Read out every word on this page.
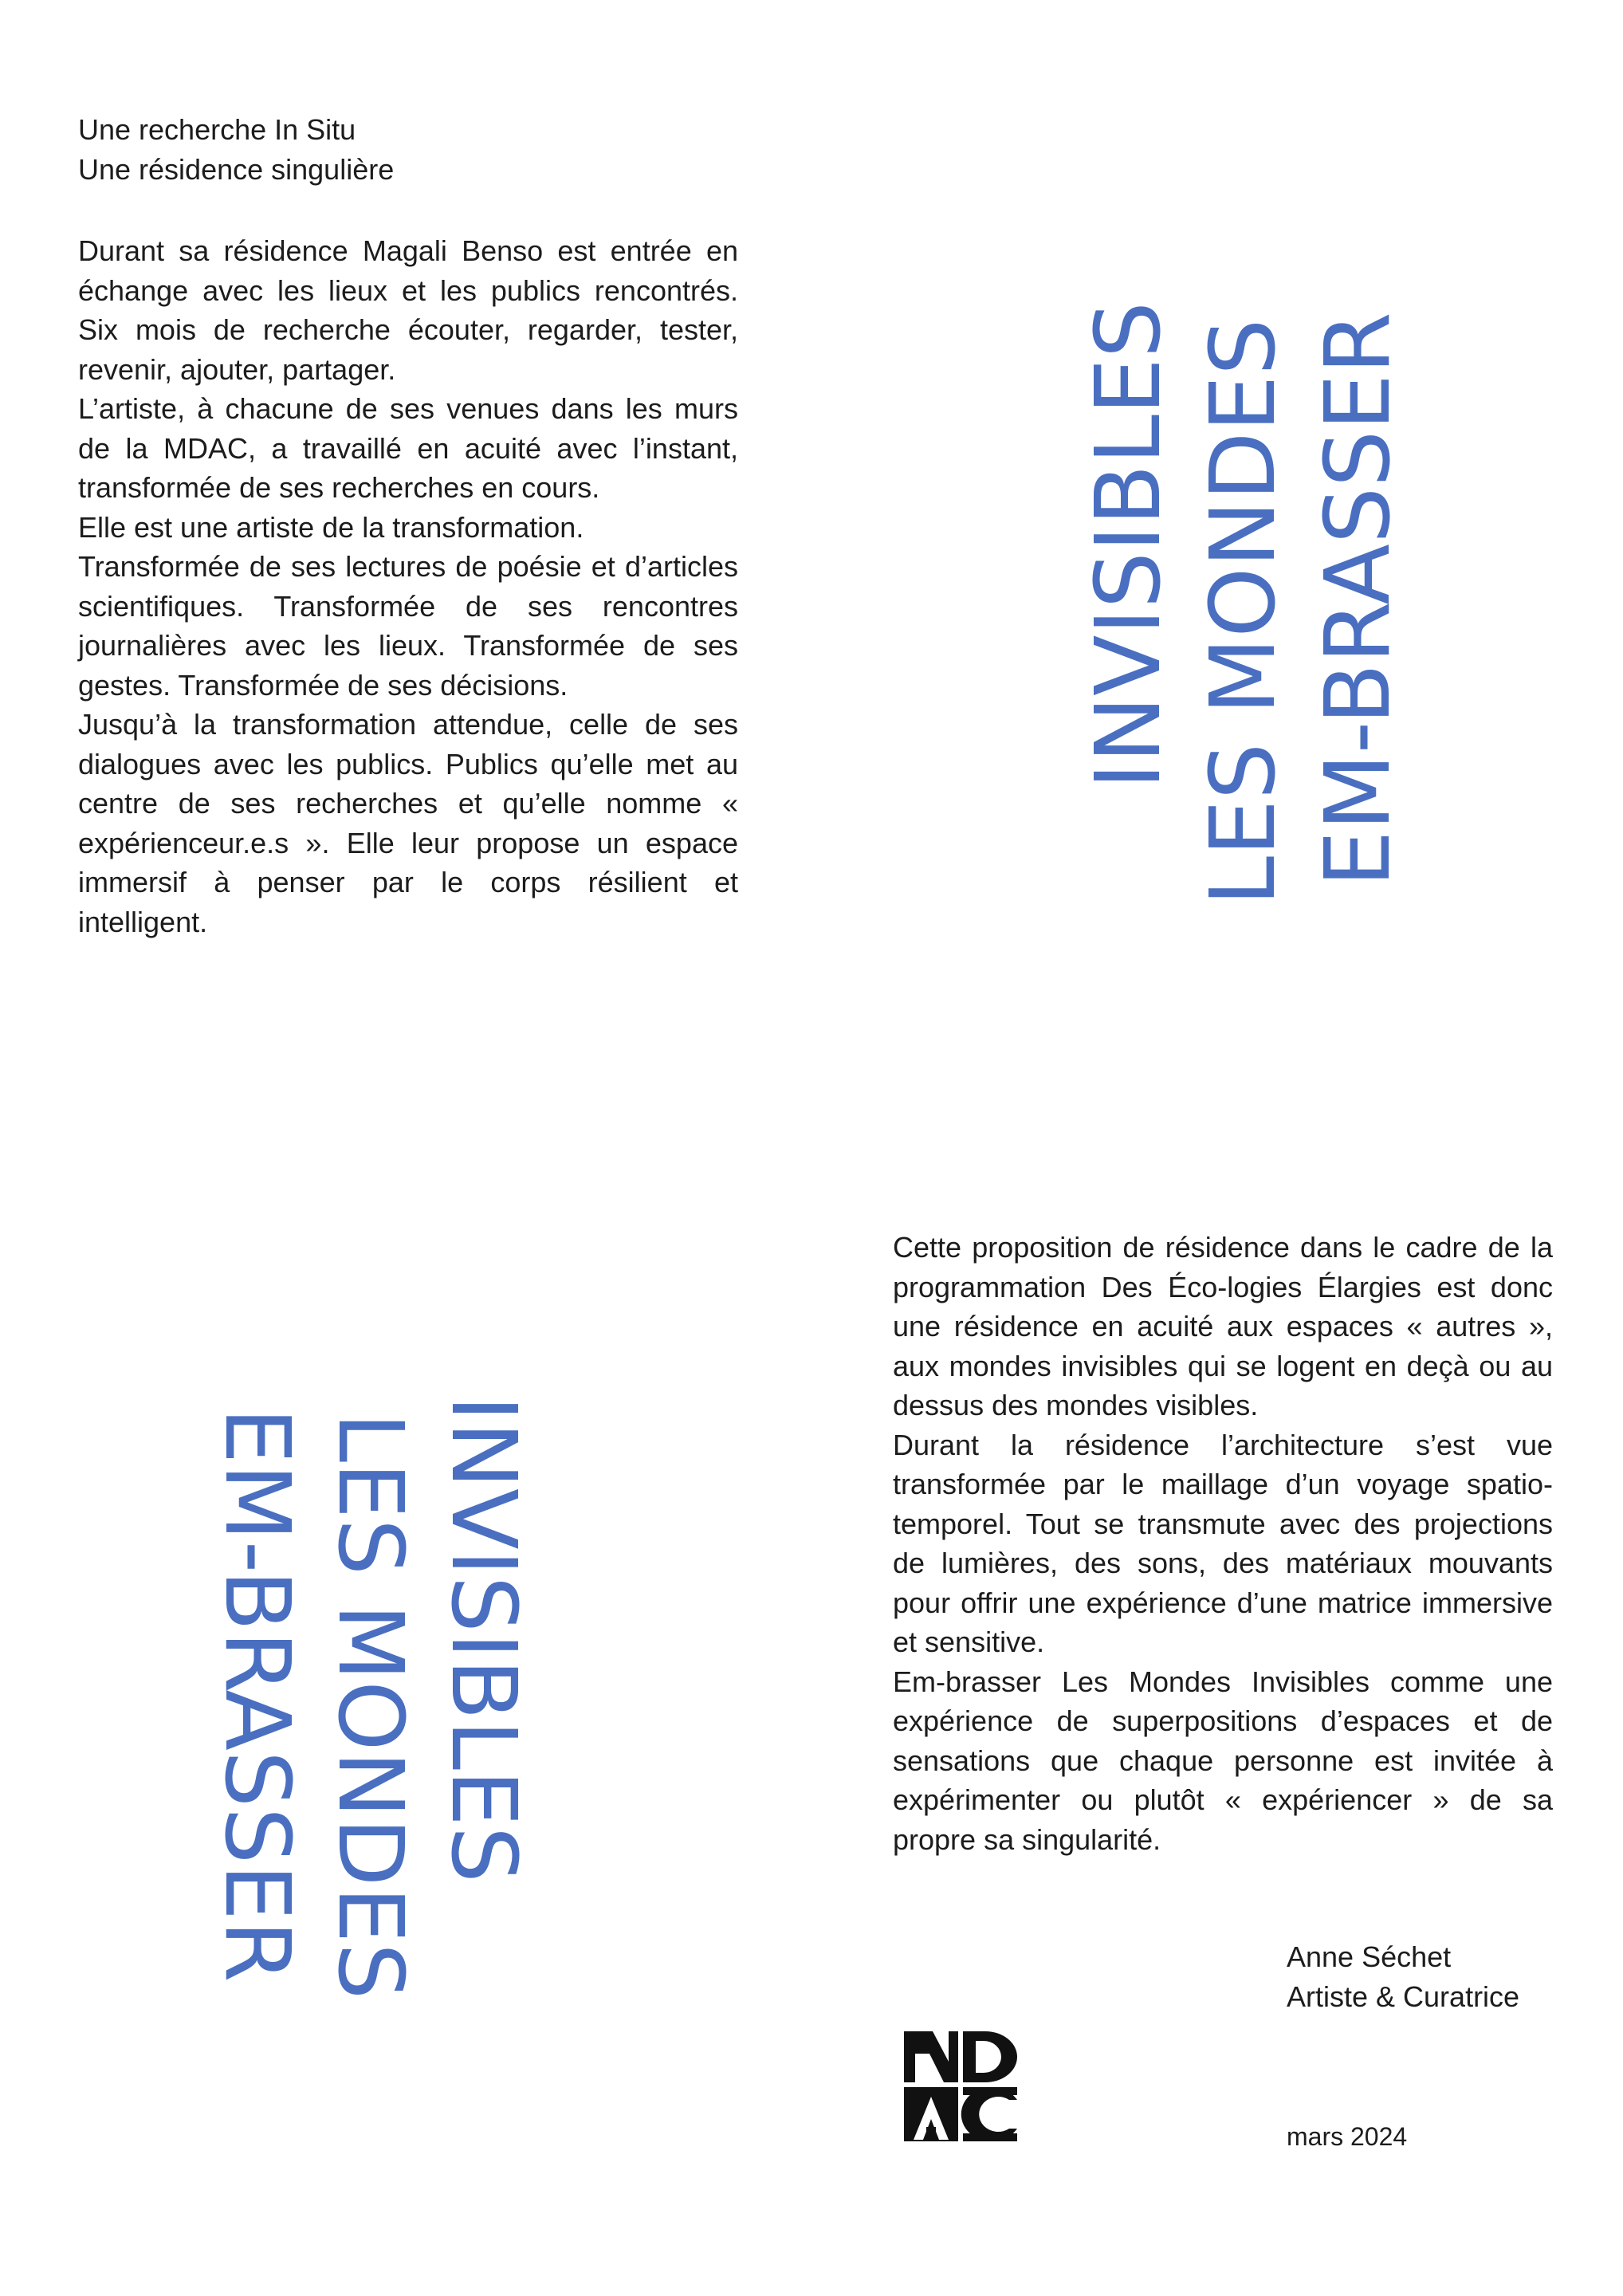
Une recherche In Situ
Une résidence singulière

Durant sa résidence Magali Benso est entrée en échange avec les lieux et les publics rencontrés. Six mois de recherche écouter, regarder, tester, revenir, ajouter, partager.

L’artiste, à chacune de ses venues dans les murs de la MDAC, a travaillé en acuité avec l’instant, transformée de ses recherches en cours.

Elle est une artiste de la transformation.

Transformée de ses lectures de poésie et d’articles scientifiques. Transformée de ses rencontres journalières avec les lieux. Transformée de ses gestes. Transformée de ses décisions.

Jusqu’à la transformation attendue, celle de ses dialogues avec les publics. Publics qu’elle met au centre de ses recherches et qu’elle nomme « expérienceur.e.s ». Elle leur propose un espace immersif à penser par le corps résilient et intelligent.

EM-BRASSER
LES MONDES
INVISIBLES
EM-BRASSER LES MONDES INVISIBLES

Cette proposition de résidence dans le cadre de la programmation Des Éco-logies Élargies est donc une résidence en acuité aux espaces « autres », aux mondes invisibles qui se logent en deçà ou au dessus des mondes visibles.

Durant la résidence l’architecture s’est vue transformée par le maillage d’un voyage spatio-temporel. Tout se transmute avec des projections de lumières, des sons, des matériaux mouvants pour offrir une expérience d’une matrice immersive et sensitive.

Em-brasser Les Mondes Invisibles comme une expérience de superpositions d’espaces et de sensations que chaque personne est invitée à expérimenter ou plutôt « expériencer » de sa propre sa singularité.

Anne Séchet
Artiste & Curatrice
mars 2024
